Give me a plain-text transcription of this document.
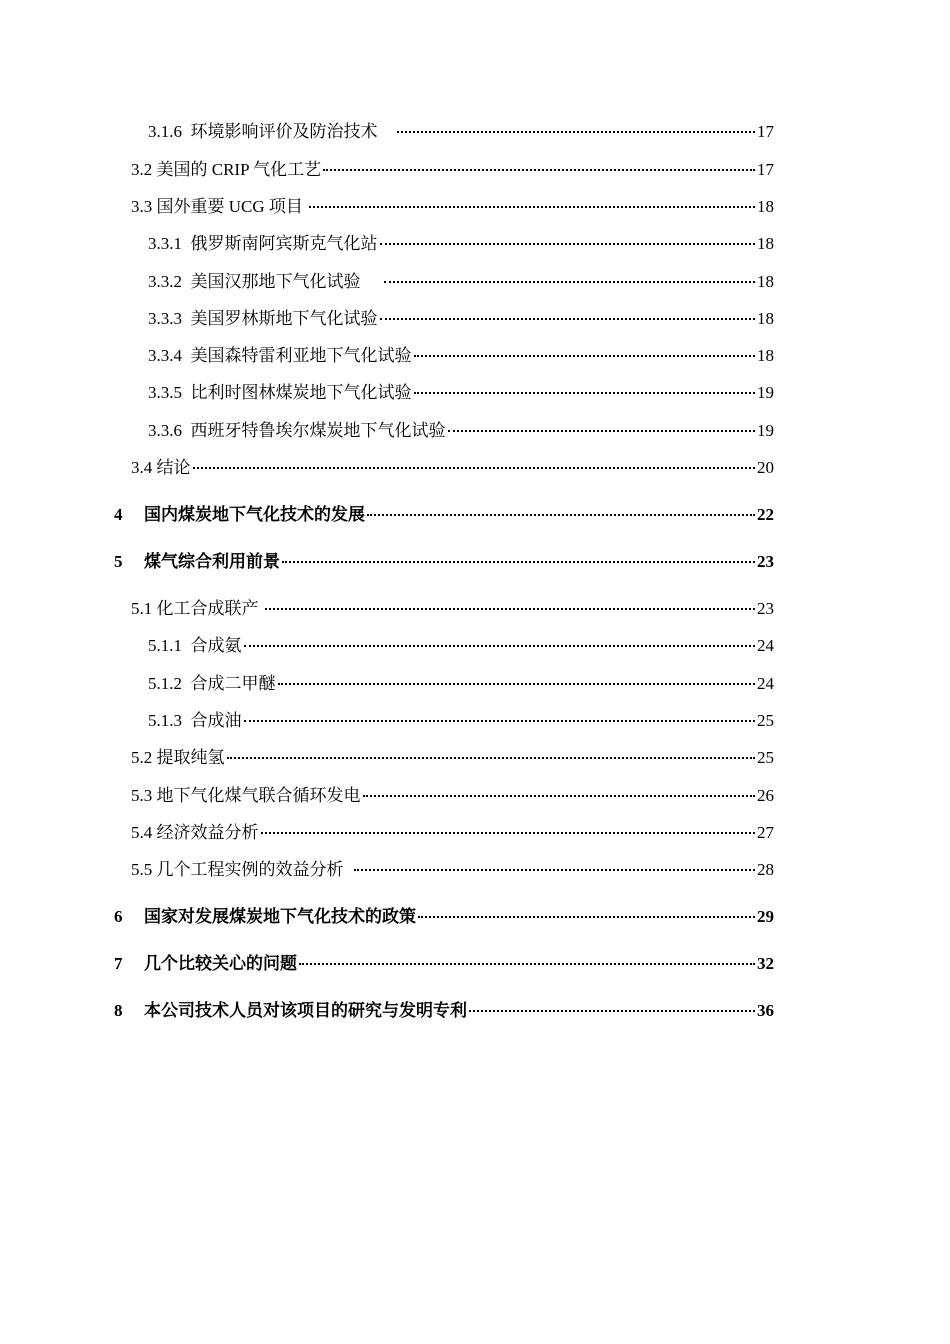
3.1.6 环境影响评价及防治技术	17
3.2 美国的 CRIP 气化工艺	17
3.3 国外重要 UCG 项目	18
3.3.1 俄罗斯南阿宾斯克气化站	18
3.3.2 美国汉那地下气化试验	18
3.3.3 美国罗林斯地下气化试验	18
3.3.4 美国森特雷利亚地下气化试验	18
3.3.5 比利时图林煤炭地下气化试验	19
3.3.6 西班牙特鲁埃尔煤炭地下气化试验	19
3.4 结论	20
4 国内煤炭地下气化技术的发展	22
5 煤气综合利用前景	23
5.1 化工合成联产	23
5.1.1 合成氨	24
5.1.2 合成二甲醚	24
5.1.3 合成油	25
5.2 提取纯氢	25
5.3 地下气化煤气联合循环发电	26
5.4 经济效益分析	27
5.5 几个工程实例的效益分析	28
6 国家对发展煤炭地下气化技术的政策	29
7 几个比较关心的问题	32
8 本公司技术人员对该项目的研究与发明专利	36
